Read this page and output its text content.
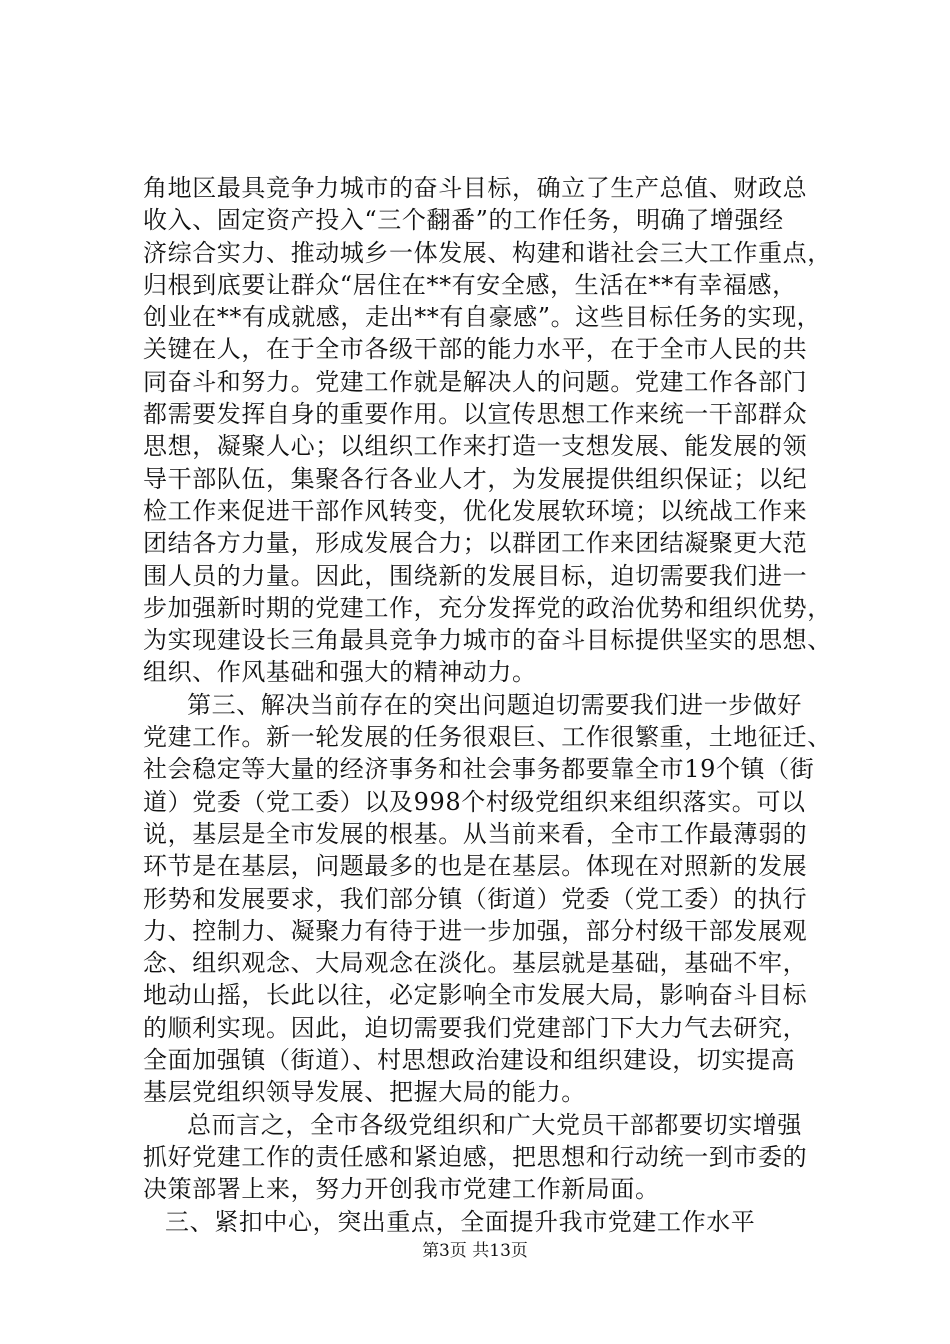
角地区最具竞争力城市的奋斗目标，确立了生产总值、财政总
收入、固定资产投入“三个翻番”的工作任务，明确了增强经
济综合实力、推动城乡一体发展、构建和谐社会三大工作重点，
归根到底要让群众“居住在**有安全感，生活在**有幸福感，
创业在**有成就感，走出**有自豪感”。这些目标任务的实现，
关键在人，在于全市各级干部的能力水平，在于全市人民的共
同奋斗和努力。党建工作就是解决人的问题。党建工作各部门
都需要发挥自身的重要作用。以宣传思想工作来统一干部群众
思想，凝聚人心；以组织工作来打造一支想发展、能发展的领
导干部队伍，集聚各行各业人才，为发展提供组织保证；以纪
检工作来促进干部作风转变，优化发展软环境；以统战工作来
团结各方力量，形成发展合力；以群团工作来团结凝聚更大范
围人员的力量。因此，围绕新的发展目标，迫切需要我们进一
步加强新时期的党建工作，充分发挥党的政治优势和组织优势，
为实现建设长三角最具竞争力城市的奋斗目标提供坚实的思想、
组织、作风基础和强大的精神动力。
第三、解决当前存在的突出问题迫切需要我们进一步做好
党建工作。新一轮发展的任务很艰巨、工作很繁重，土地征迁、
社会稳定等大量的经济事务和社会事务都要靠全市19个镇（街
道）党委（党工委）以及998个村级党组织来组织落实。可以
说，基层是全市发展的根基。从当前来看，全市工作最薄弱的
环节是在基层，问题最多的也是在基层。体现在对照新的发展
形势和发展要求，我们部分镇（街道）党委（党工委）的执行
力、控制力、凝聚力有待于进一步加强，部分村级干部发展观
念、组织观念、大局观念在淡化。基层就是基础，基础不牢，
地动山摇，长此以往，必定影响全市发展大局，影响奋斗目标
的顺利实现。因此，迫切需要我们党建部门下大力气去研究，
全面加强镇（街道）、村思想政治建设和组织建设，切实提高
基层党组织领导发展、把握大局的能力。
总而言之，全市各级党组织和广大党员干部都要切实增强
抓好党建工作的责任感和紧迫感，把思想和行动统一到市委的
决策部署上来，努力开创我市党建工作新局面。
三、紧扣中心，突出重点，全面提升我市党建工作水平
第3页 共13页
